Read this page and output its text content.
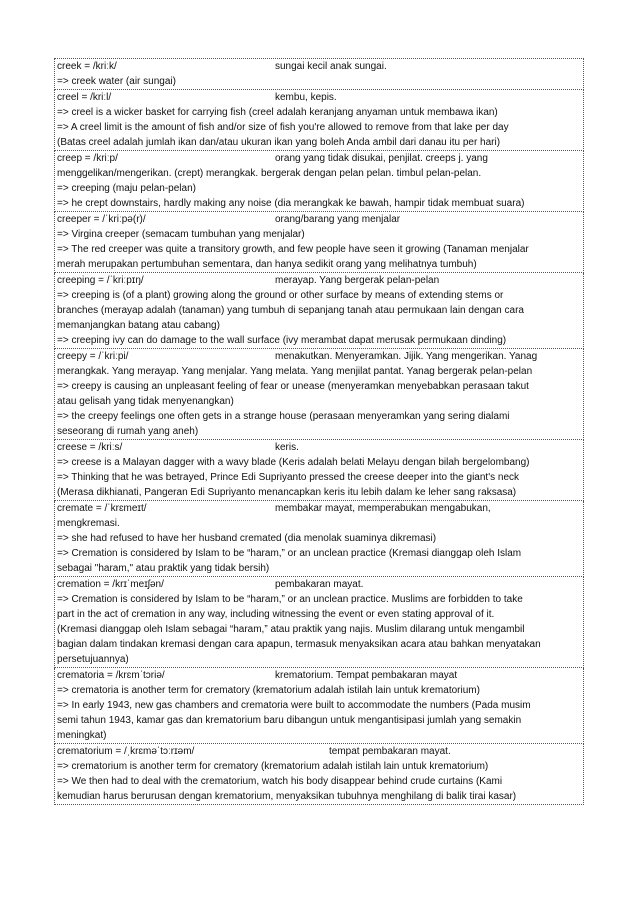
creek = /kriːk/	sungai kecil anak sungai.
=> creek water (air sungai)
creel = /kriːl/	kembu, kepis.
=> creel is a wicker basket for carrying fish (creel adalah keranjang anyaman untuk membawa ikan)
=> A creel limit is the amount of fish and/or size of fish you're allowed to remove from that lake per day
(Batas creel adalah jumlah ikan dan/atau ukuran ikan yang boleh Anda ambil dari danau itu per hari)
creep = /kriːp/	orang yang tidak disukai, penjilat. creeps j. yang
menggelikan/mengerikan. (crept) merangkak. bergerak dengan pelan pelan. timbul pelan-pelan.
=> creeping (maju pelan-pelan)
=> he crept downstairs, hardly making any noise (dia merangkak ke bawah, hampir tidak membuat suara)
creeper = /ˈkriːpə(r)/	orang/barang yang menjalar
=> Virgina creeper (semacam tumbuhan yang menjalar)
=> The red creeper was quite a transitory growth, and few people have seen it growing (Tanaman menjalar
merah merupakan pertumbuhan sementara, dan hanya sedikit orang yang melihatnya tumbuh)
creeping = /ˈkriːpɪŋ/	merayap. Yang bergerak pelan-pelan
=> creeping is (of a plant) growing along the ground or other surface by means of extending stems or
branches (merayap adalah (tanaman) yang tumbuh di sepanjang tanah atau permukaan lain dengan cara
memanjangkan batang atau cabang)
=> creeping ivy can do damage to the wall surface (ivy merambat dapat merusak permukaan dinding)
creepy = /ˈkriːpi/	menakutkan. Menyeramkan. Jijik. Yang mengerikan. Yanag
merangkak. Yang merayap. Yang menjalar. Yang melata. Yang menjilat pantat. Yanag bergerak pelan-pelan
=> creepy is causing an unpleasant feeling of fear or unease (menyeramkan menyebabkan perasaan takut
atau gelisah yang tidak menyenangkan)
=> the creepy feelings one often gets in a strange house (perasaan menyeramkan yang sering dialami
seseorang di rumah yang aneh)
creese = /kriːs/	keris.
=> creese is a Malayan dagger with a wavy blade (Keris adalah belati Melayu dengan bilah bergelombang)
=> Thinking that he was betrayed, Prince Edi Supriyanto pressed the creese deeper into the giant's neck
(Merasa dikhianati, Pangeran Edi Supriyanto menancapkan keris itu lebih dalam ke leher sang raksasa)
cremate = /ˈkrɛmeɪt/	membakar mayat, memperabukan mengabukan,
mengkremasi.
=> she had refused to have her husband cremated (dia menolak suaminya dikremasi)
=> Cremation is considered by Islam to be “haram,” or an unclean practice (Kremasi dianggap oleh Islam
sebagai "haram," atau praktik yang tidak bersih)
cremation = /krɪˈmeɪʃən/	pembakaran mayat.
=> Cremation is considered by Islam to be “haram,” or an unclean practice. Muslims are forbidden to take
part in the act of cremation in any way, including witnessing the event or even stating approval of it.
(Kremasi dianggap oleh Islam sebagai “haram,” atau praktik yang najis. Muslim dilarang untuk mengambil
bagian dalam tindakan kremasi dengan cara apapun, termasuk menyaksikan acara atau bahkan menyatakan
persetujuannya)
crematoria = /krɛmˈtɔriə/	krematorium. Tempat pembakaran mayat
=> crematoria is another term for crematory (krematorium adalah istilah lain untuk krematorium)
=> In early 1943, new gas chambers and crematoria were built to accommodate the numbers (Pada musim
semi tahun 1943, kamar gas dan krematorium baru dibangun untuk mengantisipasi jumlah yang semakin
meningkat)
crematorium = /ˌkrɛməˈtɔːrɪəm/	tempat pembakaran mayat.
=> crematorium is another term for crematory (krematorium adalah istilah lain untuk krematorium)
=> We then had to deal with the crematorium, watch his body disappear behind crude curtains (Kami
kemudian harus berurusan dengan krematorium, menyaksikan tubuhnya menghilang di balik tirai kasar)
